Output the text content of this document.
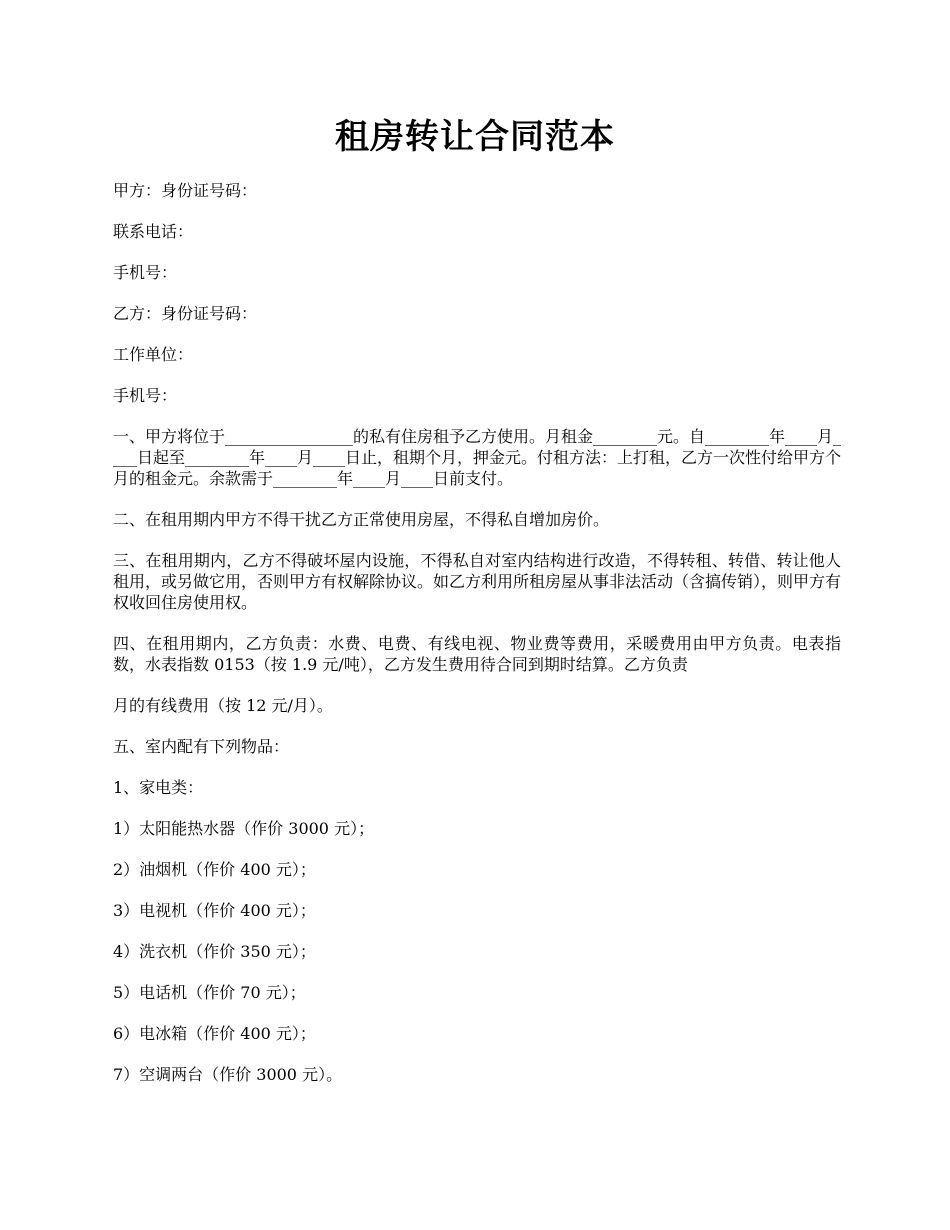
租房转让合同范本

甲方：身份证号码：

联系电话：

手机号：

乙方：身份证号码：

工作单位：

手机号：

一、甲方将位于________________的私有住房租予乙方使用。月租金________元。自________年____月____日起至________年____月____日止，租期个月，押金元。付租方法：上打租，乙方一次性付给甲方个月的租金元。余款需于________年____月____日前支付。

二、在租用期内甲方不得干扰乙方正常使用房屋，不得私自增加房价。

三、在租用期内，乙方不得破坏屋内设施，不得私自对室内结构进行改造，不得转租、转借、转让他人租用，或另做它用，否则甲方有权解除协议。如乙方利用所租房屋从事非法活动（含搞传销），则甲方有权收回住房使用权。

四、在租用期内，乙方负责：水费、电费、有线电视、物业费等费用，采暖费用由甲方负责。电表指数，水表指数 0153（按 1.9 元/吨），乙方发生费用待合同到期时结算。乙方负责

月的有线费用（按 12 元/月）。

五、室内配有下列物品：

1、家电类：

1）太阳能热水器（作价 3000 元）；

2）油烟机（作价 400 元）；

3）电视机（作价 400 元）；

4）洗衣机（作价 350 元）；

5）电话机（作价 70 元）；

6）电冰箱（作价 400 元）；

7）空调两台（作价 3000 元）。
